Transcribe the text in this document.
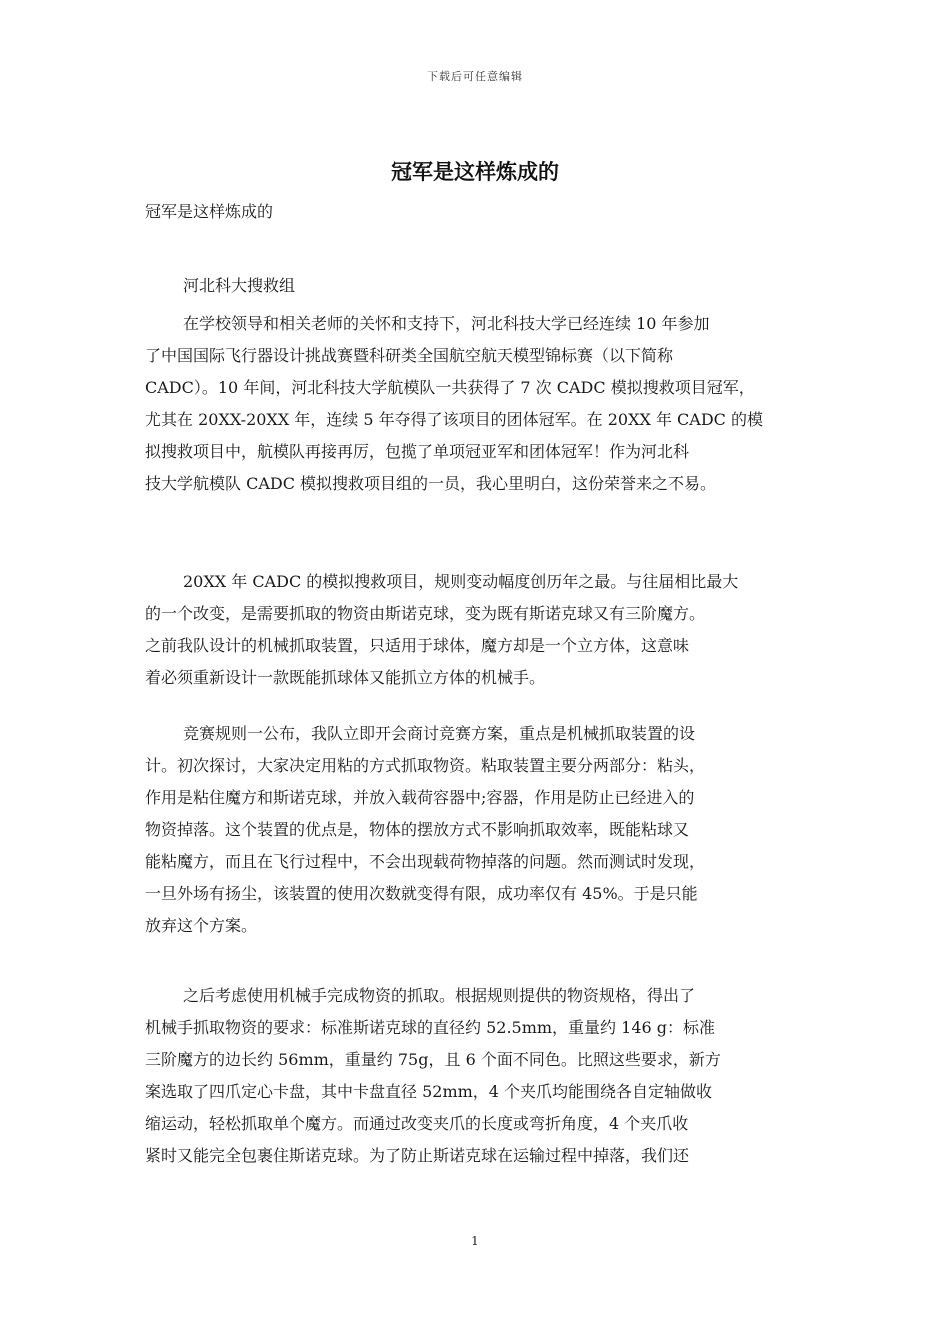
下载后可任意编辑
冠军是这样炼成的
冠军是这样炼成的
河北科大搜救组
在学校领导和相关老师的关怀和支持下，河北科技大学已经连续 10 年参加
了中国国际飞行器设计挑战赛暨科研类全国航空航天模型锦标赛（以下简称
CADC）。10 年间，河北科技大学航模队一共获得了 7 次 CADC 模拟搜救项目冠军，
尤其在 20XX-20XX 年，连续 5 年夺得了该项目的团体冠军。在 20XX 年 CADC 的模
拟搜救项目中，航模队再接再厉，包揽了单项冠亚军和团体冠军！作为河北科
技大学航模队 CADC 模拟搜救项目组的一员，我心里明白，这份荣誉来之不易。
20XX 年 CADC 的模拟搜救项目，规则变动幅度创历年之最。与往届相比最大
的一个改变，是需要抓取的物资由斯诺克球，变为既有斯诺克球又有三阶魔方。
之前我队设计的机械抓取装置，只适用于球体，魔方却是一个立方体，这意味
着必须重新设计一款既能抓球体又能抓立方体的机械手。
竞赛规则一公布，我队立即开会商讨竞赛方案，重点是机械抓取装置的设
计。初次探讨，大家决定用粘的方式抓取物资。粘取装置主要分两部分：粘头，
作用是粘住魔方和斯诺克球，并放入载荷容器中;容器，作用是防止已经进入的
物资掉落。这个装置的优点是，物体的摆放方式不影响抓取效率，既能粘球又
能粘魔方，而且在飞行过程中，不会出现载荷物掉落的问题。然而测试时发现，
一旦外场有扬尘，该装置的使用次数就变得有限，成功率仅有 45%。于是只能
放弃这个方案。
之后考虑使用机械手完成物资的抓取。根据规则提供的物资规格，得出了
机械手抓取物资的要求：标准斯诺克球的直径约 52.5mm，重量约 146 g：标准
三阶魔方的边长约 56mm，重量约 75g，且 6 个面不同色。比照这些要求，新方
案选取了四爪定心卡盘，其中卡盘直径 52mm，4 个夹爪均能围绕各自定轴做收
缩运动，轻松抓取单个魔方。而通过改变夹爪的长度或弯折角度，4 个夹爪收
紧时又能完全包裹住斯诺克球。为了防止斯诺克球在运输过程中掉落，我们还
1
